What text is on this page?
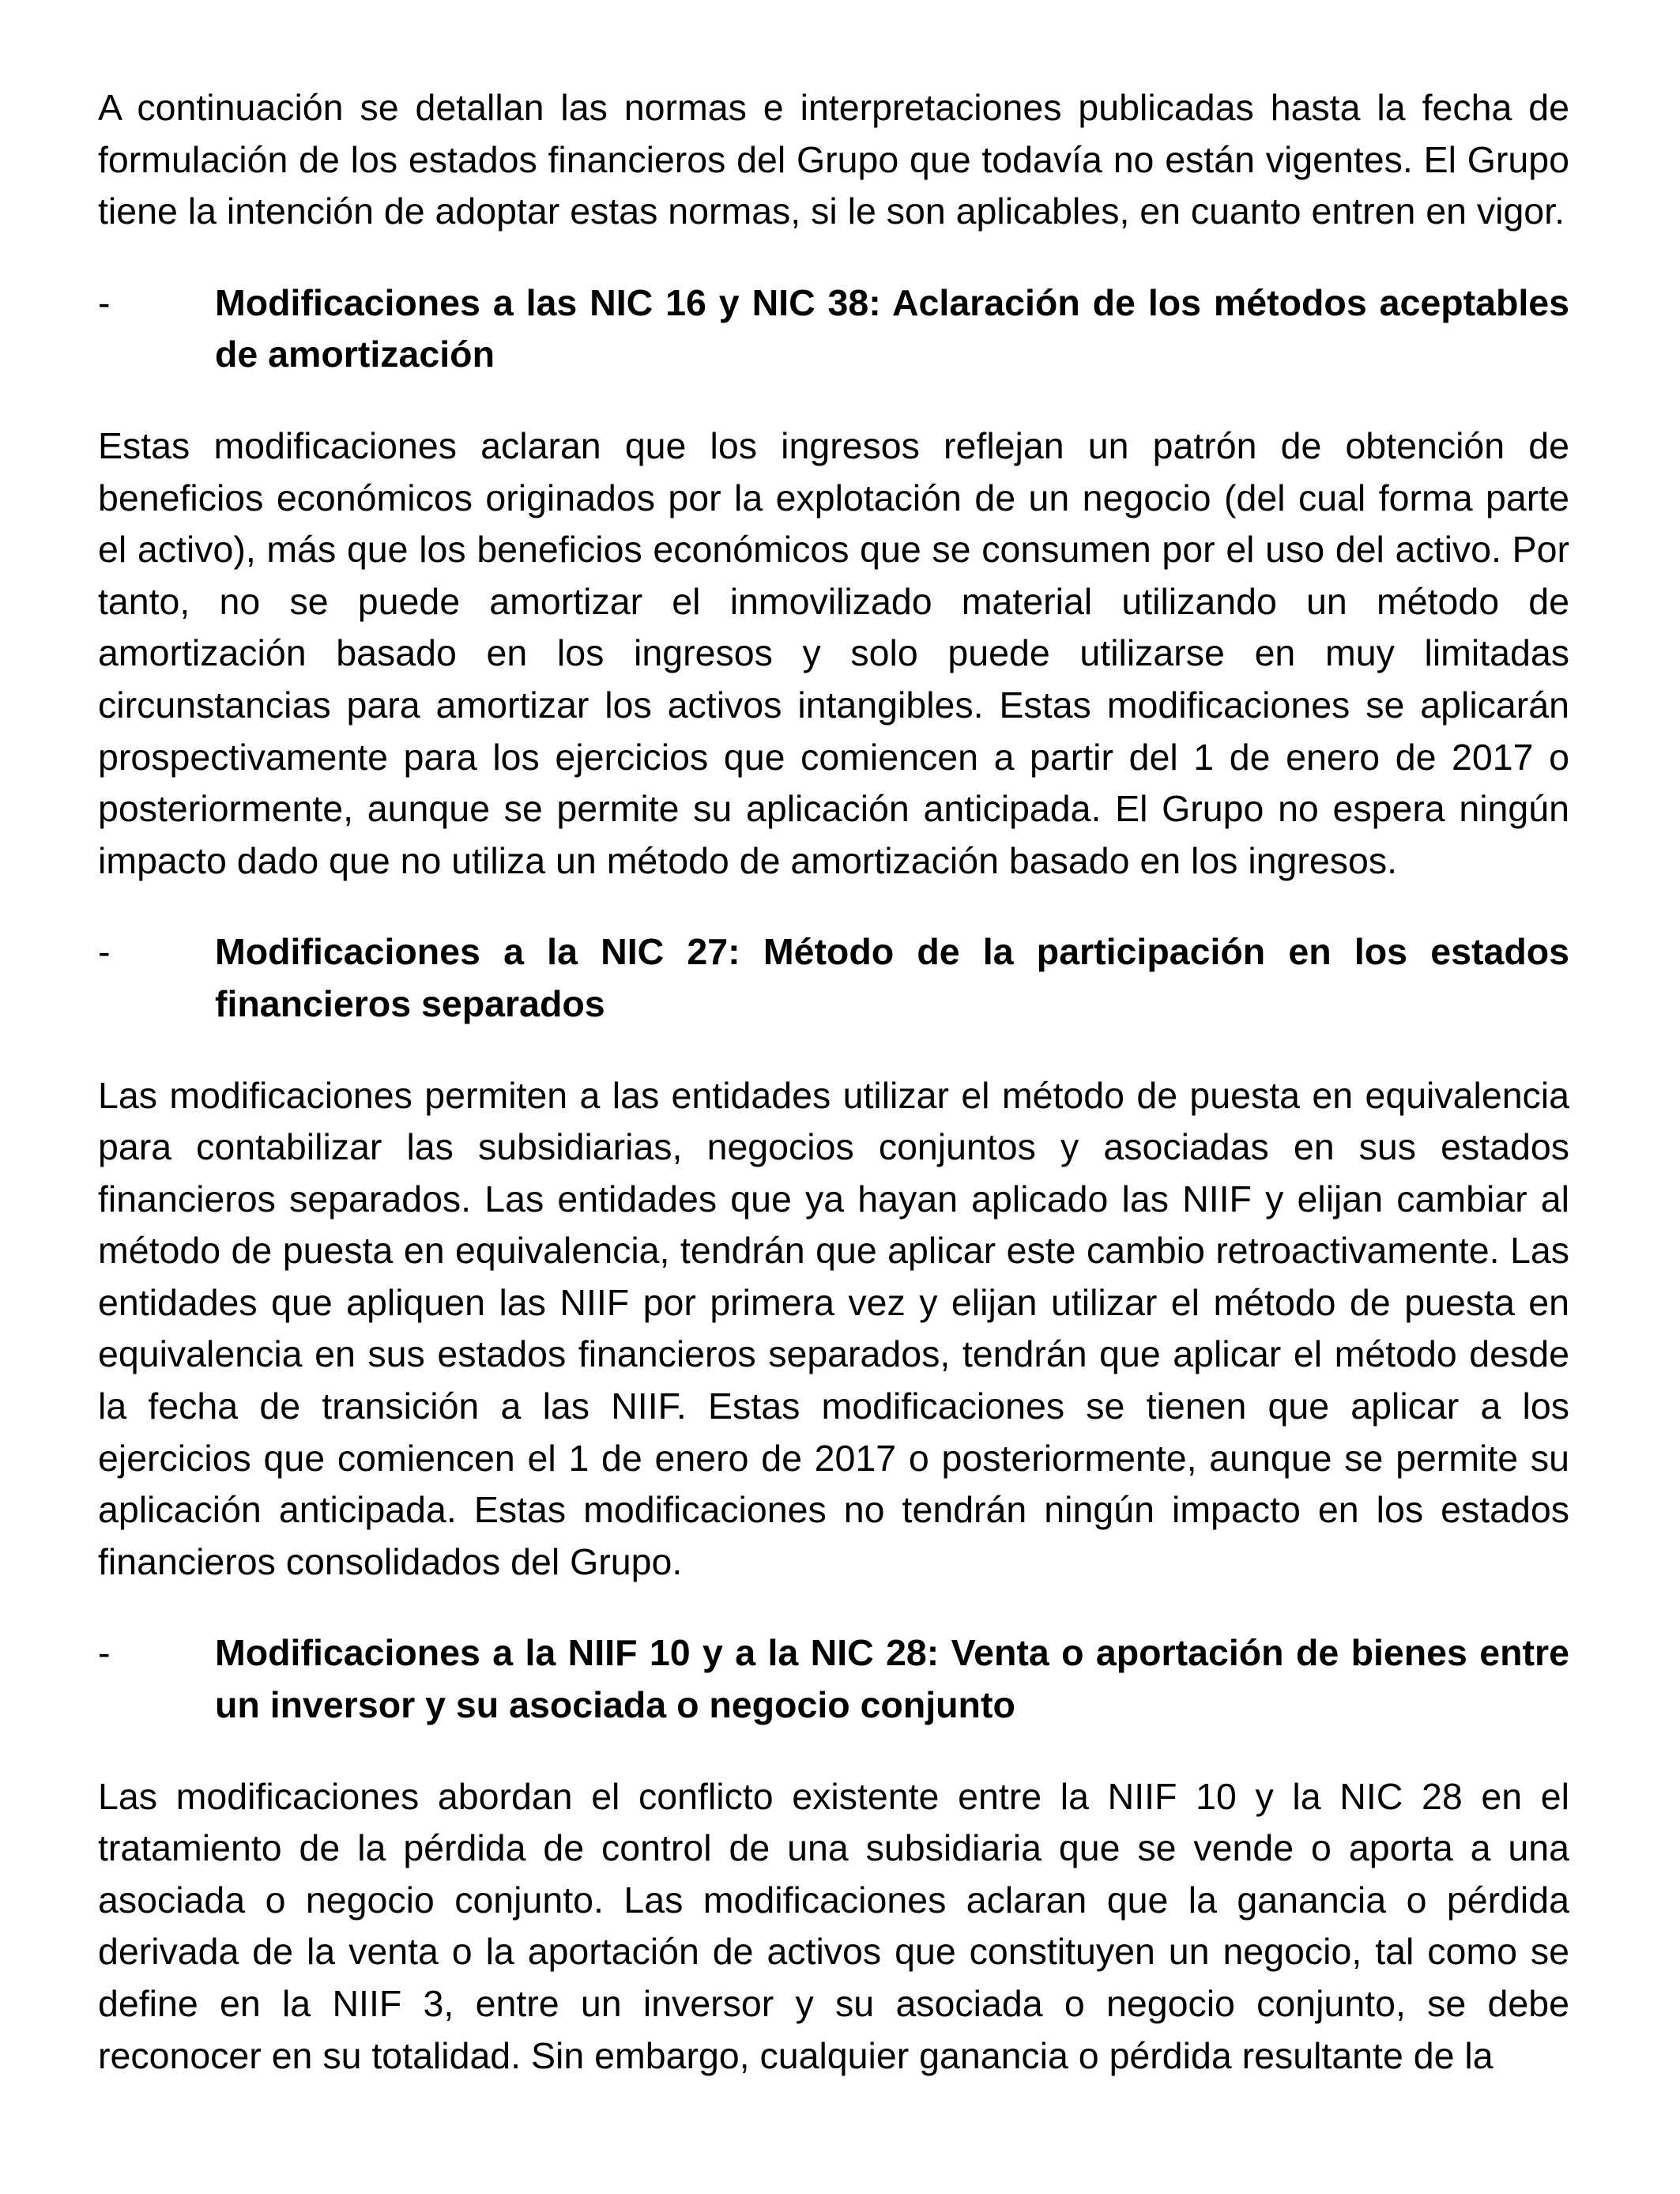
A continuación se detallan las normas e interpretaciones publicadas hasta la fecha de formulación de los estados financieros del Grupo que todavía no están vigentes. El Grupo tiene la intención de adoptar estas normas, si le son aplicables, en cuanto entren en vigor.

-	Modificaciones a las NIC 16 y NIC 38: Aclaración de los métodos aceptables de amortización

Estas modificaciones aclaran que los ingresos reflejan un patrón de obtención de beneficios económicos originados por la explotación de un negocio (del cual forma parte el activo), más que los beneficios económicos que se consumen por el uso del activo. Por tanto, no se puede amortizar el inmovilizado material utilizando un método de amortización basado en los ingresos y solo puede utilizarse en muy limitadas circunstancias para amortizar los activos intangibles. Estas modificaciones se aplicarán prospectivamente para los ejercicios que comiencen a partir del 1 de enero de 2017 o posteriormente, aunque se permite su aplicación anticipada. El Grupo no espera ningún impacto dado que no utiliza un método de amortización basado en los ingresos.

-	Modificaciones a la NIC 27: Método de la participación en los estados financieros separados

Las modificaciones permiten a las entidades utilizar el método de puesta en equivalencia para contabilizar las subsidiarias, negocios conjuntos y asociadas en sus estados financieros separados. Las entidades que ya hayan aplicado las NIIF y elijan cambiar al método de puesta en equivalencia, tendrán que aplicar este cambio retroactivamente. Las entidades que apliquen las NIIF por primera vez y elijan utilizar el método de puesta en equivalencia en sus estados financieros separados, tendrán que aplicar el método desde la fecha de transición a las NIIF. Estas modificaciones se tienen que aplicar a los ejercicios que comiencen el 1 de enero de 2017 o posteriormente, aunque se permite su aplicación anticipada. Estas modificaciones no tendrán ningún impacto en los estados financieros consolidados del Grupo.

-	Modificaciones a la NIIF 10 y a la NIC 28: Venta o aportación de bienes entre un inversor y su asociada o negocio conjunto

Las modificaciones abordan el conflicto existente entre la NIIF 10 y la NIC 28 en el tratamiento de la pérdida de control de una subsidiaria que se vende o aporta a una asociada o negocio conjunto. Las modificaciones aclaran que la ganancia o pérdida derivada de la venta o la aportación de activos que constituyen un negocio, tal como se define en la NIIF 3, entre un inversor y su asociada o negocio conjunto, se debe reconocer en su totalidad. Sin embargo, cualquier ganancia o pérdida resultante de la
